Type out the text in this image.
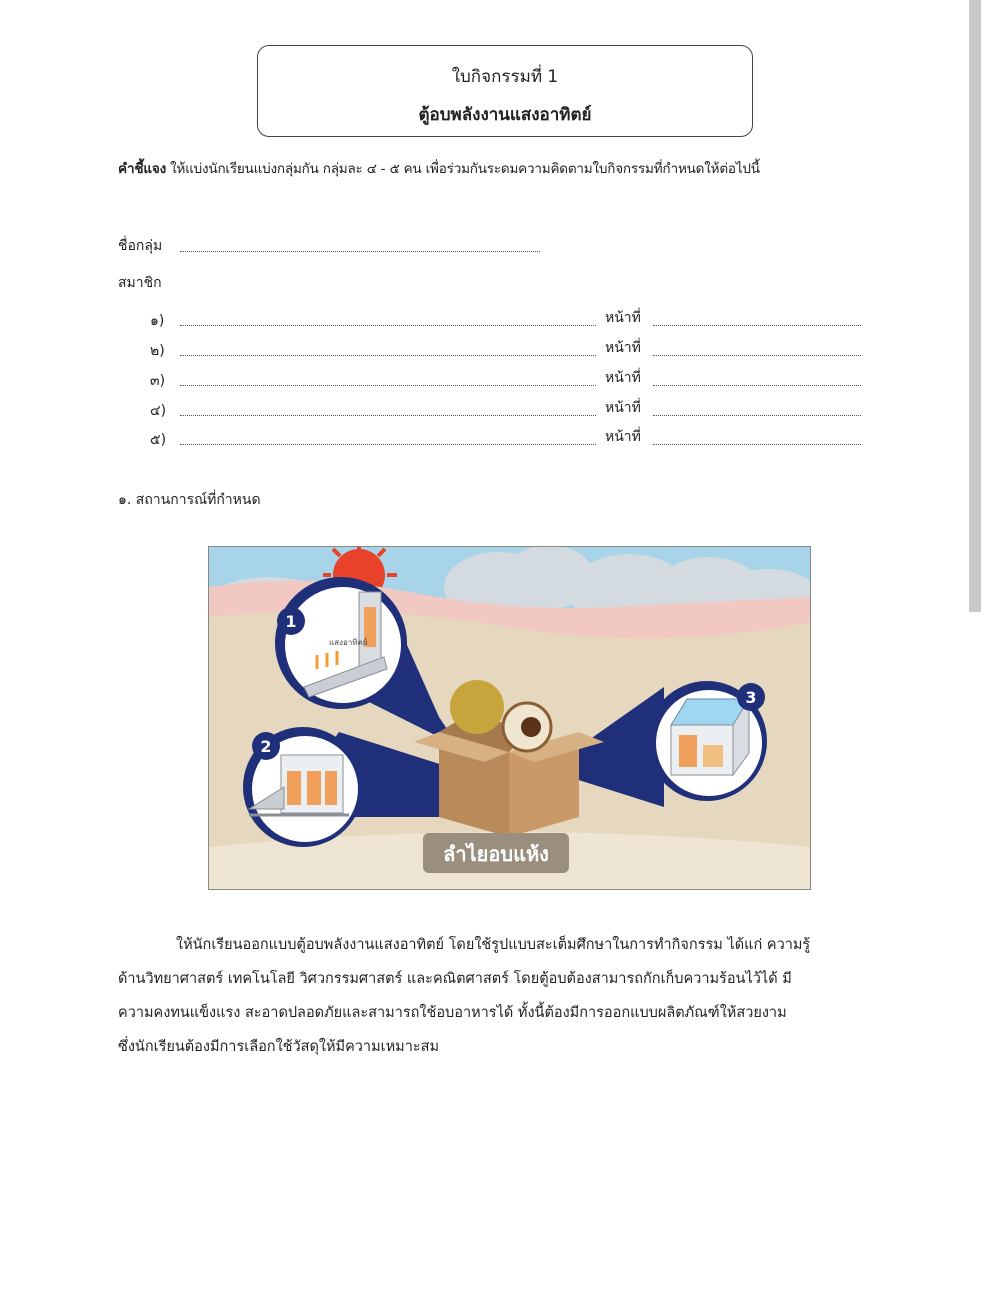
ใบกิจกรรมที่ 1
ตู้อบพลังงานแสงอาทิตย์
คำชี้แจง ให้แบ่งนักเรียนแบ่งกลุ่มกัน กลุ่มละ ๔ - ๕ คน เพื่อร่วมกันระดมความคิดตามใบกิจกรรมที่กำหนดให้ต่อไปนี้
ชื่อกลุ่ม
สมาชิก
๑)	หน้าที่
๒)	หน้าที่
๓)	หน้าที่
๔)	หน้าที่
๕)	หน้าที่
๑. สถานการณ์ที่กำหนด
แสงอาทิตย์
1
2
3
ลำไยอบแห้ง
ให้นักเรียนออกแบบตู้อบพลังงานแสงอาทิตย์ โดยใช้รูปแบบสะเต็มศึกษาในการทำกิจกรรม ได้แก่ ความรู้
ด้านวิทยาศาสตร์ เทคโนโลยี วิศวกรรมศาสตร์ และคณิตศาสตร์ โดยตู้อบต้องสามารถกักเก็บความร้อนไว้ได้ มี
ความคงทนแข็งแรง สะอาดปลอดภัยและสามารถใช้อบอาหารได้ ทั้งนี้ต้องมีการออกแบบผลิตภัณฑ์ให้สวยงาม
ซึ่งนักเรียนต้องมีการเลือกใช้วัสดุให้มีความเหมาะสม
